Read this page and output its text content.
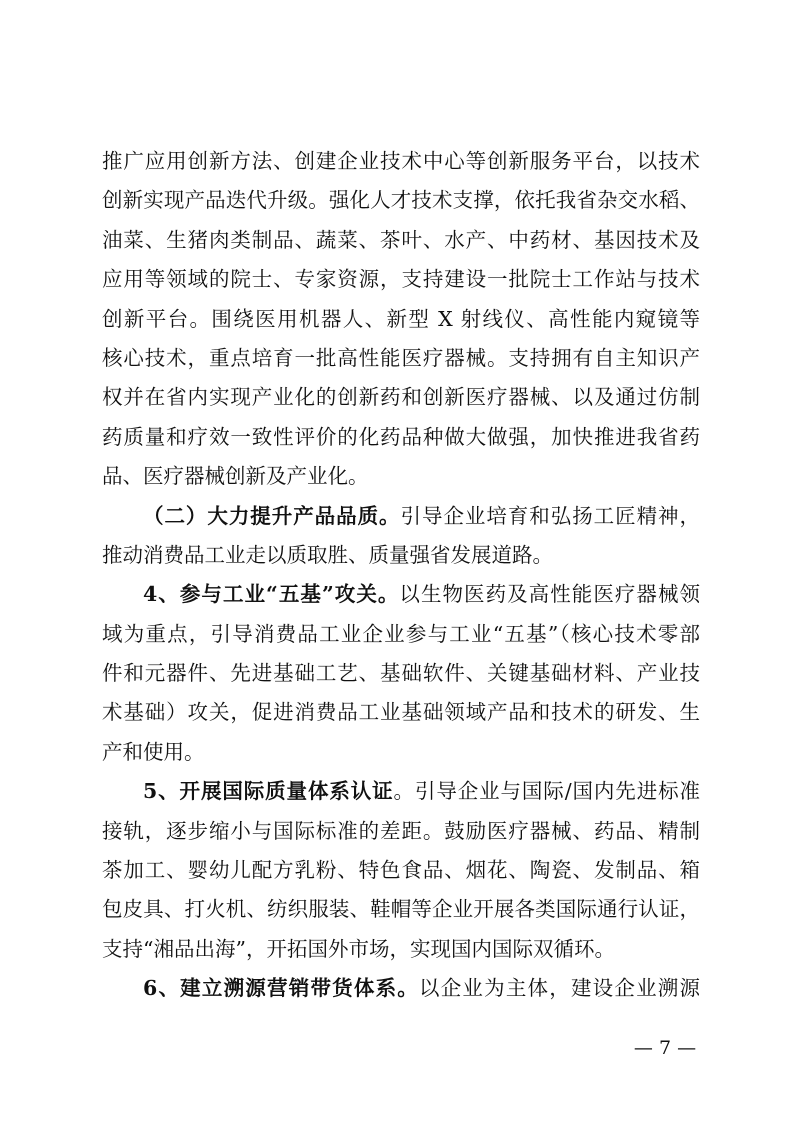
推广应用创新方法、创建企业技术中心等创新服务平台，以技术
创新实现产品迭代升级。强化人才技术支撑，依托我省杂交水稻、
油菜、生猪肉类制品、蔬菜、茶叶、水产、中药材、基因技术及
应用等领域的院士、专家资源，支持建设一批院士工作站与技术
创新平台。围绕医用机器人、新型 X 射线仪、高性能内窥镜等
核心技术，重点培育一批高性能医疗器械。支持拥有自主知识产
权并在省内实现产业化的创新药和创新医疗器械、以及通过仿制
药质量和疗效一致性评价的化药品种做大做强，加快推进我省药
品、医疗器械创新及产业化。
（二）大力提升产品品质。引导企业培育和弘扬工匠精神，
推动消费品工业走以质取胜、质量强省发展道路。
4、参与工业“五基”攻关。以生物医药及高性能医疗器械领
域为重点，引导消费品工业企业参与工业“五基”（核心技术零部
件和元器件、先进基础工艺、基础软件、关键基础材料、产业技
术基础）攻关，促进消费品工业基础领域产品和技术的研发、生
产和使用。
5、开展国际质量体系认证。引导企业与国际/国内先进标准
接轨，逐步缩小与国际标准的差距。鼓励医疗器械、药品、精制
茶加工、婴幼儿配方乳粉、特色食品、烟花、陶瓷、发制品、箱
包皮具、打火机、纺织服装、鞋帽等企业开展各类国际通行认证，
支持“湘品出海”，开拓国外市场，实现国内国际双循环。
6、建立溯源营销带货体系。以企业为主体，建设企业溯源
— 7 —
